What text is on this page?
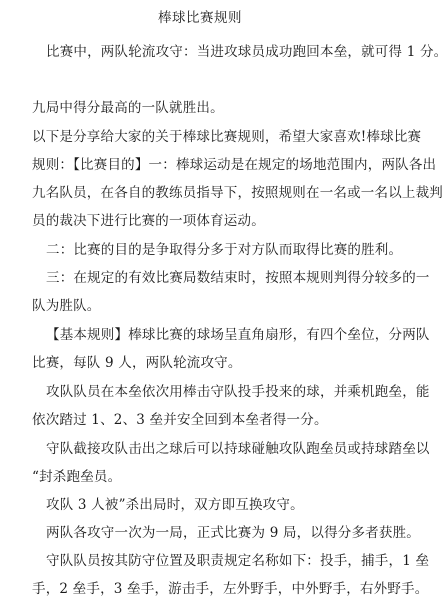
棒球比赛规则
比赛中，两队轮流攻守：当进攻球员成功跑回本垒，就可得 1 分。
九局中得分最高的一队就胜出。
以下是分享给大家的关于棒球比赛规则，希望大家喜欢!棒球比赛
规则：【比赛目的】一：棒球运动是在规定的场地范围内，两队各出
九名队员，在各自的教练员指导下，按照规则在一名或一名以上裁判
员的裁决下进行比赛的一项体育运动。
二：比赛的目的是争取得分多于对方队而取得比赛的胜利。
三：在规定的有效比赛局数结束时，按照本规则判得分较多的一
队为胜队。
【基本规则】棒球比赛的球场呈直角扇形，有四个垒位，分两队
比赛，每队 9 人，两队轮流攻守。
攻队队员在本垒依次用棒击守队投手投来的球，并乘机跑垒，能
依次踏过 1、2、3 垒并安全回到本垒者得一分。
守队截接攻队击出之球后可以持球碰触攻队跑垒员或持球踏垒以
“封杀跑垒员。
攻队 3 人被”杀出局时，双方即互换攻守。
两队各攻守一次为一局，正式比赛为 9 局，以得分多者获胜。
守队队员按其防守位置及职责规定名称如下：投手，捕手，1 垒
手，2 垒手，3 垒手，游击手，左外野手，中外野手，右外野手。
